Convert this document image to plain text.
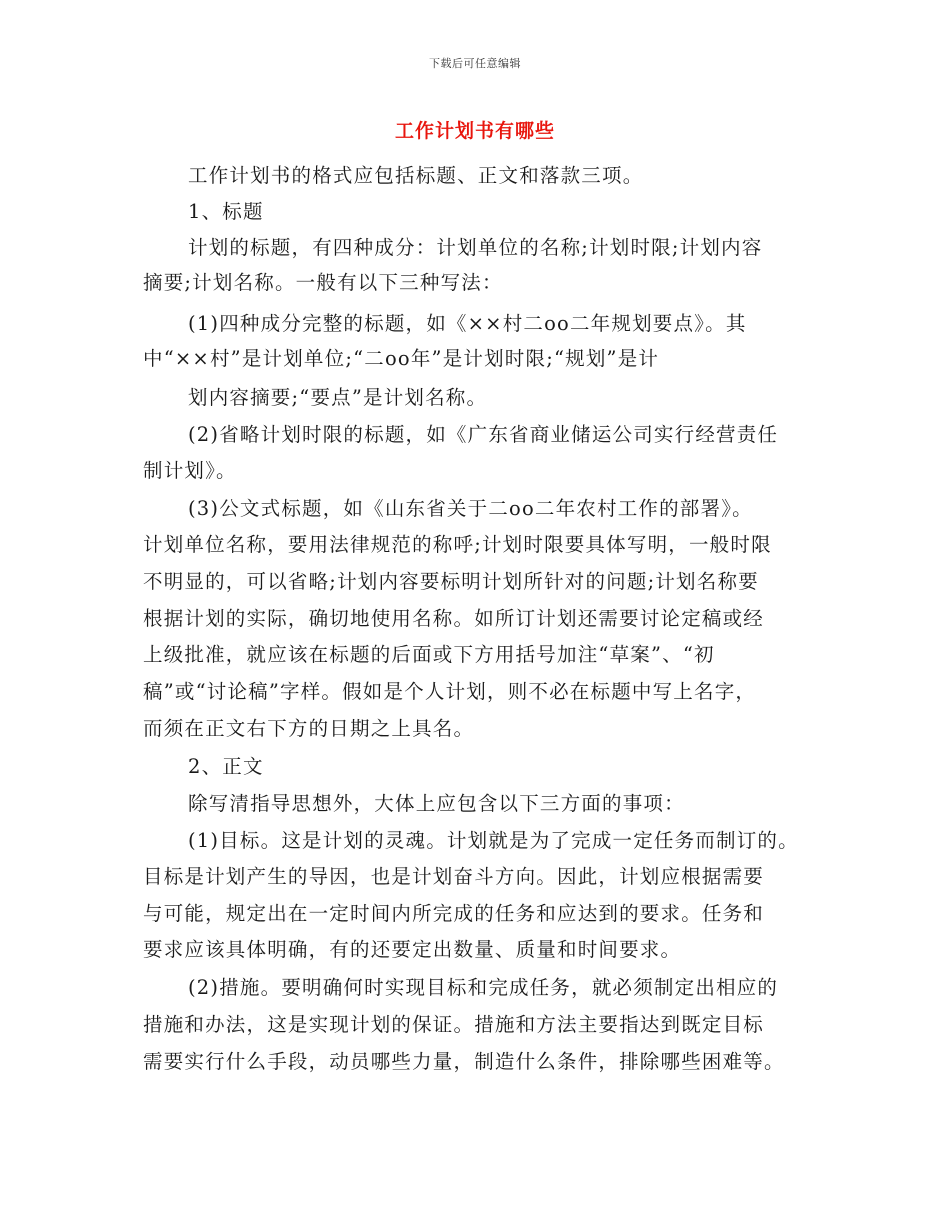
下载后可任意编辑
工作计划书有哪些
工作计划书的格式应包括标题、正文和落款三项。
1、标题
计划的标题，有四种成分：计划单位的名称;计划时限;计划内容
摘要;计划名称。一般有以下三种写法：
(1)四种成分完整的标题，如《××村二oo二年规划要点》。其
中“××村”是计划单位;“二oo年”是计划时限;“规划”是计
划内容摘要;“要点”是计划名称。
(2)省略计划时限的标题，如《广东省商业储运公司实行经营责任
制计划》。
(3)公文式标题，如《山东省关于二oo二年农村工作的部署》。
计划单位名称，要用法律规范的称呼;计划时限要具体写明，一般时限
不明显的，可以省略;计划内容要标明计划所针对的问题;计划名称要
根据计划的实际，确切地使用名称。如所订计划还需要讨论定稿或经
上级批准，就应该在标题的后面或下方用括号加注“草案”、“初
稿”或“讨论稿”字样。假如是个人计划，则不必在标题中写上名字，
而须在正文右下方的日期之上具名。
2、正文
除写清指导思想外，大体上应包含以下三方面的事项：
(1)目标。这是计划的灵魂。计划就是为了完成一定任务而制订的。
目标是计划产生的导因，也是计划奋斗方向。因此，计划应根据需要
与可能，规定出在一定时间内所完成的任务和应达到的要求。任务和
要求应该具体明确，有的还要定出数量、质量和时间要求。
(2)措施。要明确何时实现目标和完成任务，就必须制定出相应的
措施和办法，这是实现计划的保证。措施和方法主要指达到既定目标
需要实行什么手段，动员哪些力量，制造什么条件，排除哪些困难等。
